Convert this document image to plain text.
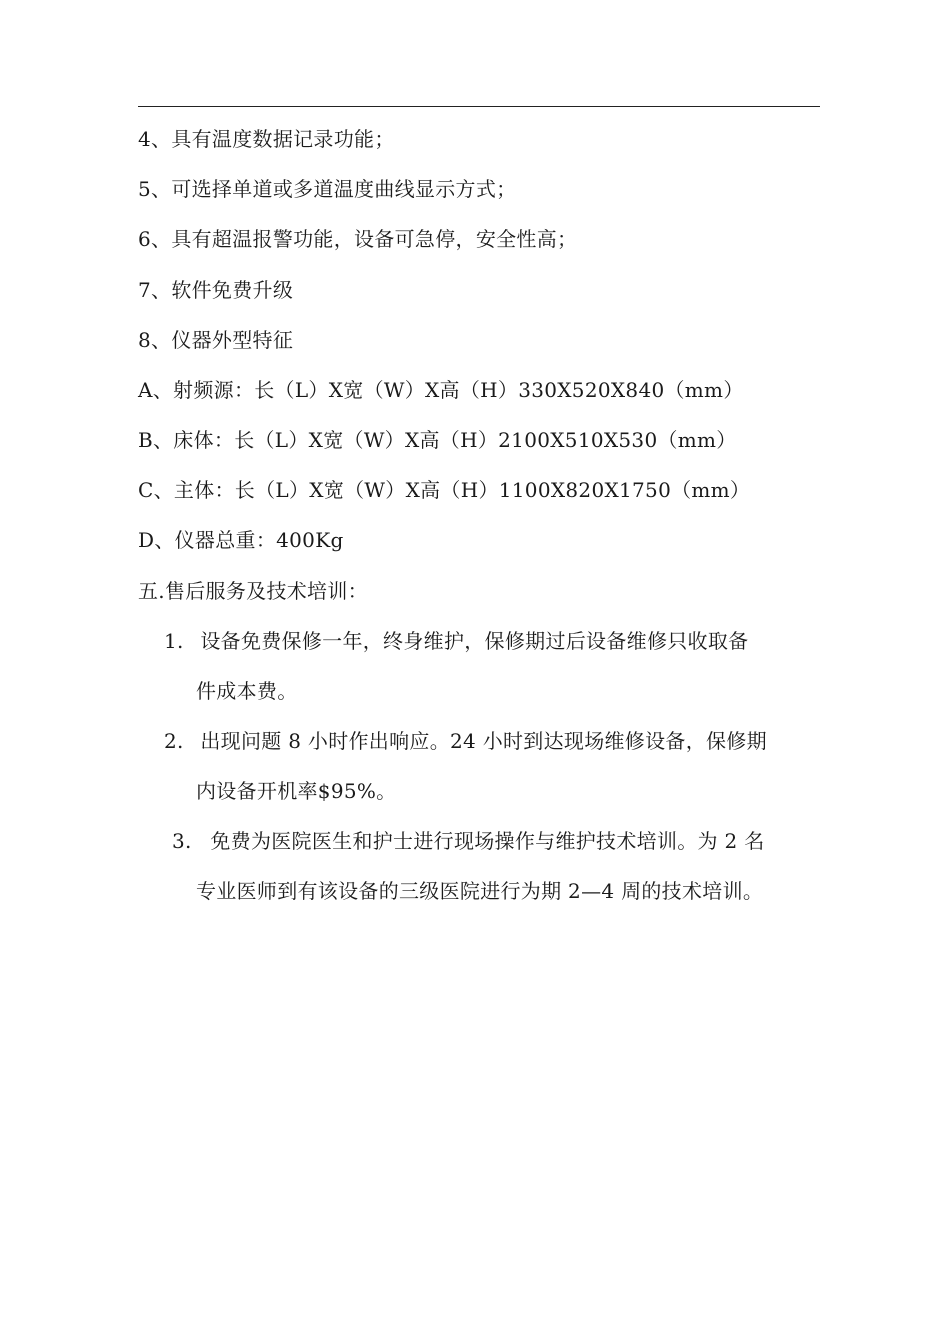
4、具有温度数据记录功能；
5、可选择单道或多道温度曲线显示方式；
6、具有超温报警功能，设备可急停，安全性高；
7、软件免费升级
8、仪器外型特征
A、射频源：长（L）X宽（W）X高（H）330X520X840（mm）
B、床体：长（L）X宽（W）X高（H）2100X510X530（mm）
C、主体：长（L）X宽（W）X高（H）1100X820X1750（mm）
D、仪器总重：400Kg
五.售后服务及技术培训：
1. 设备免费保修一年，终身维护，保修期过后设备维修只收取备
件成本费。
2. 出现问题 8 小时作出响应。24 小时到达现场维修设备，保修期
内设备开机率$95%。
3. 免费为医院医生和护士进行现场操作与维护技术培训。为 2 名
专业医师到有该设备的三级医院进行为期 2—4 周的技术培训。
